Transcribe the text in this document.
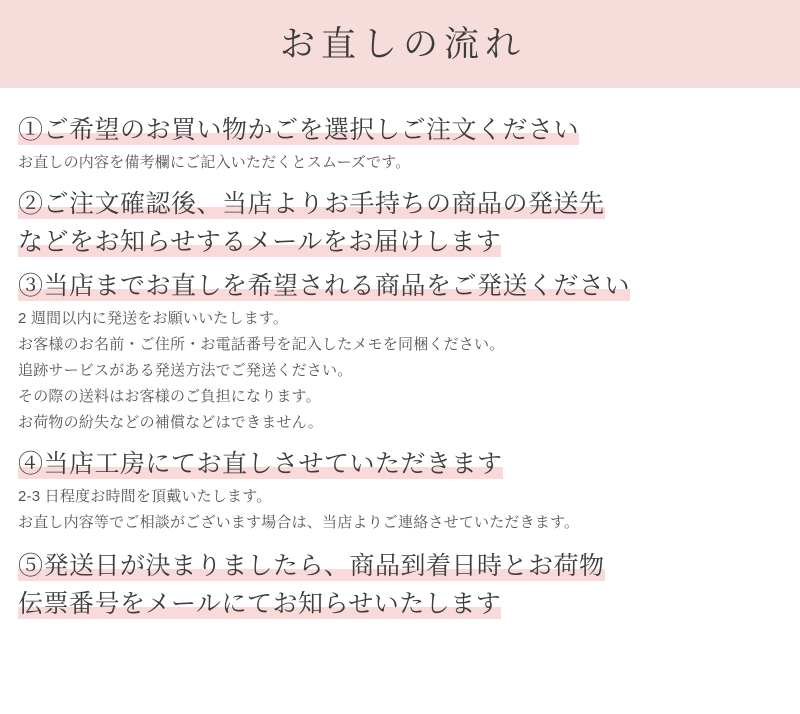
お直しの流れ

①ご希望のお買い物かごを選択しご注文ください

お直しの内容を備考欄にご記入いただくとスムーズです。

②ご注文確認後、当店よりお手持ちの商品の発送先

などをお知らせするメールをお届けします

③当店までお直しを希望される商品をご発送ください

2 週間以内に発送をお願いいたします。
お客様のお名前・ご住所・お電話番号を記入したメモを同梱ください。
追跡サービスがある発送方法でご発送ください。
その際の送料はお客様のご負担になります。
お荷物の紛失などの補償などはできません。

④当店工房にてお直しさせていただきます

2-3 日程度お時間を頂戴いたします。
お直し内容等でご相談がございます場合は、当店よりご連絡させていただきます。

⑤発送日が決まりましたら、商品到着日時とお荷物

伝票番号をメールにてお知らせいたします
